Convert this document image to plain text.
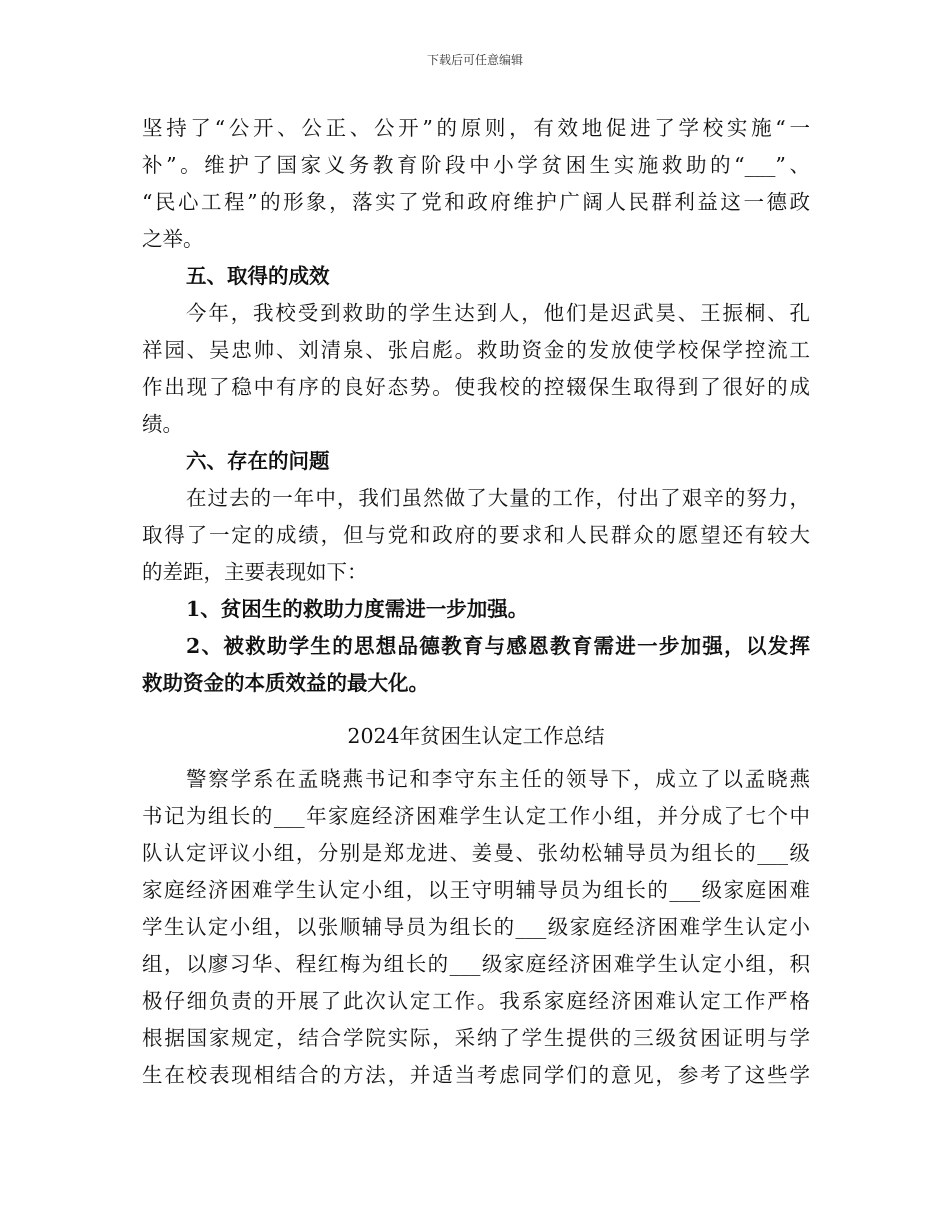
下载后可任意编辑
坚持了“公开、公正、公开”的原则，有效地促进了学校实施“一
补”。维护了国家义务教育阶段中小学贫困生实施救助的“___”、
“民心工程”的形象，落实了党和政府维护广阔人民群利益这一德政
之举。
五、取得的成效
今年，我校受到救助的学生达到人，他们是迟武昊、王振桐、孔
祥园、吴忠帅、刘清泉、张启彪。救助资金的发放使学校保学控流工
作出现了稳中有序的良好态势。使我校的控辍保生取得到了很好的成
绩。
六、存在的问题
在过去的一年中，我们虽然做了大量的工作，付出了艰辛的努力，
取得了一定的成绩，但与党和政府的要求和人民群众的愿望还有较大
的差距，主要表现如下：
1、贫困生的救助力度需进一步加强。
2、被救助学生的思想品德教育与感恩教育需进一步加强，以发挥
救助资金的本质效益的最大化。
2024年贫困生认定工作总结
警察学系在孟晓燕书记和李守东主任的领导下，成立了以孟晓燕
书记为组长的___年家庭经济困难学生认定工作小组，并分成了七个中
队认定评议小组，分别是郑龙进、姜曼、张幼松辅导员为组长的___级
家庭经济困难学生认定小组，以王守明辅导员为组长的___级家庭困难
学生认定小组，以张顺辅导员为组长的___级家庭经济困难学生认定小
组，以廖习华、程红梅为组长的___级家庭经济困难学生认定小组，积
极仔细负责的开展了此次认定工作。我系家庭经济困难认定工作严格
根据国家规定，结合学院实际，采纳了学生提供的三级贫困证明与学
生在校表现相结合的方法，并适当考虑同学们的意见，参考了这些学
